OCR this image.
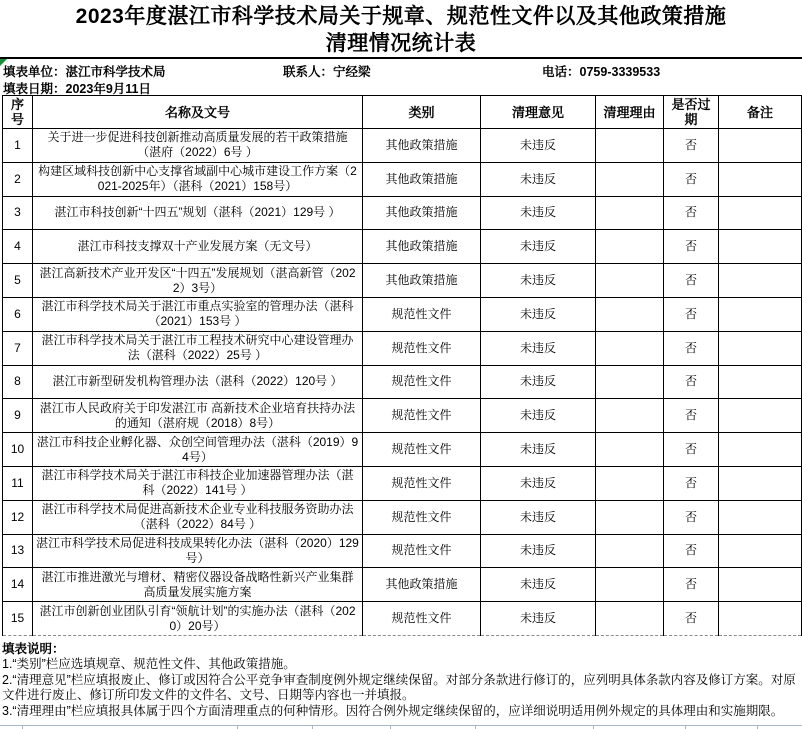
2023年度湛江市科学技术局关于规章、规范性文件以及其他政策措施
清理情况统计表
填表单位：湛江市科学技术局	联系人：宁经梁	电话：0759-3339533
填表日期：2023年9月11日
序号	名称及文号	类别	清理意见	清理理由	是否过期	备注
1	关于进一步促进科技创新推动高质量发展的若干政策措施（湛府（2022）6号 ）	其他政策措施	未违反		否	
2	构建区域科技创新中心支撑省域副中心城市建设工作方案（2021-2025年）（湛科（2021）158号）	其他政策措施	未违反		否	
3	湛江市科技创新“十四五”规划（湛科（2021）129号 ）	其他政策措施	未违反		否	
4	湛江市科技支撑双十产业发展方案（无文号）	其他政策措施	未违反		否	
5	湛江高新技术产业开发区“十四五”发展规划（湛高新管（2022）3号）	其他政策措施	未违反		否	
6	湛江市科学技术局关于湛江市重点实验室的管理办法（湛科（2021）153号 ）	规范性文件	未违反		否	
7	湛江市科学技术局关于湛江市工程技术研究中心建设管理办法（湛科（2022）25号 ）	规范性文件	未违反		否	
8	湛江市新型研发机构管理办法（湛科（2022）120号 ）	规范性文件	未违反		否	
9	湛江市人民政府关于印发湛江市 高新技术企业培育扶持办法的通知（湛府规（2018）8号）	规范性文件	未违反		否	
10	湛江市科技企业孵化器、众创空间管理办法（湛科（2019）94号）	规范性文件	未违反		否	
11	湛江市科学技术局关于湛江市科技企业加速器管理办法（湛科（2022）141号 ）	规范性文件	未违反		否	
12	湛江市科学技术局促进高新技术企业专业科技服务资助办法（湛科（2022）84号 ）	规范性文件	未违反		否	
13	湛江市科学技术局促进科技成果转化办法（湛科（2020）129号）	规范性文件	未违反		否	
14	湛江市推进激光与增材、精密仪器设备战略性新兴产业集群高质量发展实施方案	其他政策措施	未违反		否	
15	湛江市创新创业团队引育“领航计划”的实施办法（湛科（2020）20号）	规范性文件	未违反		否	
填表说明：
1.“类别”栏应选填规章、规范性文件、其他政策措施。
2.“清理意见”栏应填报废止、修订或因符合公平竞争审查制度例外规定继续保留。对部分条款进行修订的，应列明具体条款内容及修订方案。对原文件进行废止、修订所印发文件的文件名、文号、日期等内容也一并填报。
3.“清理理由”栏应填报具体属于四个方面清理重点的何种情形。因符合例外规定继续保留的，应详细说明适用例外规定的具体理由和实施期限。
